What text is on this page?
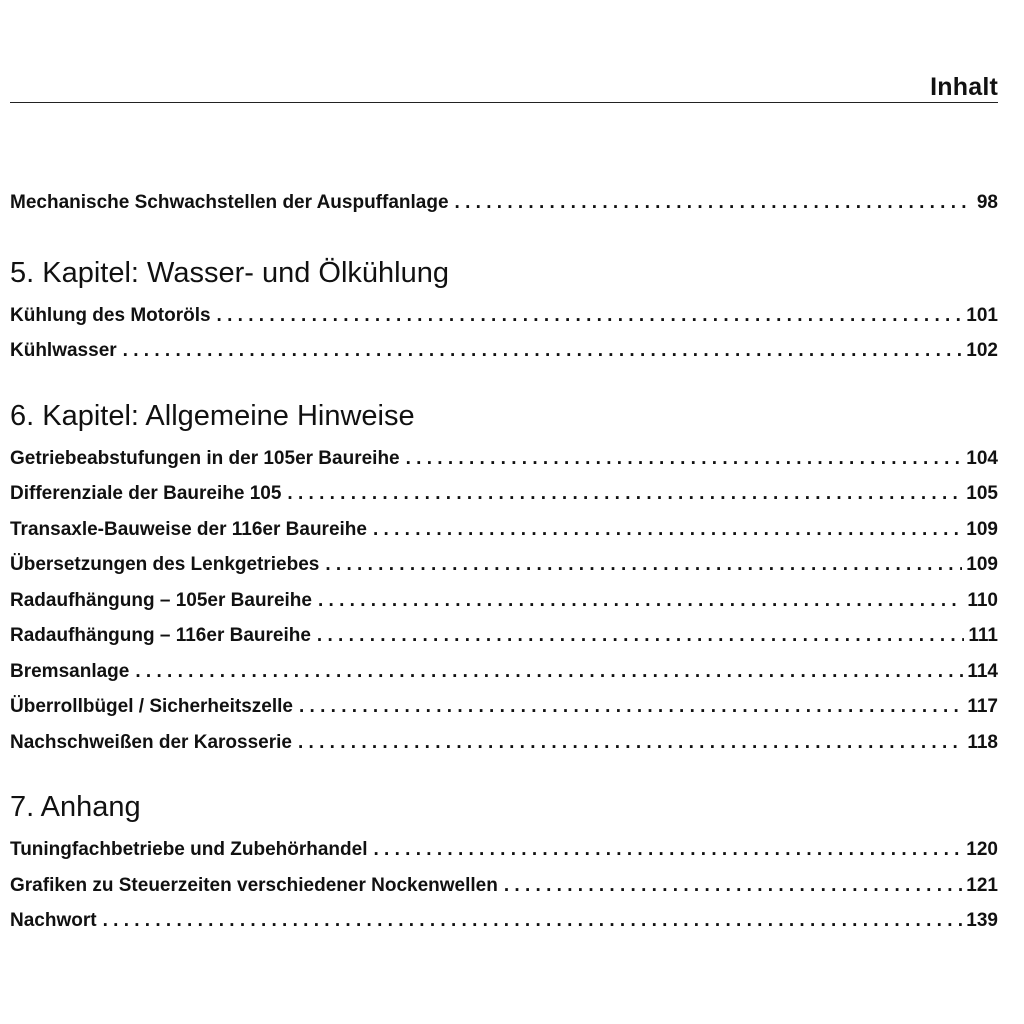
Inhalt
Mechanische Schwachstellen der Auspuffanlage . . .	98
5. Kapitel: Wasser- und Ölkühlung
Kühlung des Motoröls . . .	101
Kühlwasser . . .	102
6. Kapitel: Allgemeine Hinweise
Getriebeabstufungen in der 105er Baureihe . . .	104
Differenziale der Baureihe 105 . . .	105
Transaxle-Bauweise der 116er Baureihe . . .	109
Übersetzungen des Lenkgetriebes . . .	109
Radaufhängung – 105er Baureihe . . .	110
Radaufhängung – 116er Baureihe . . .	111
Bremsanlage . . .	114
Überrollbügel / Sicherheitszelle . . .	117
Nachschweißen der Karosserie . . .	118
7. Anhang
Tuningfachbetriebe und Zubehörhandel . . .	120
Grafiken zu Steuerzeiten verschiedener Nockenwellen . . .	121
Nachwort . . .	139
